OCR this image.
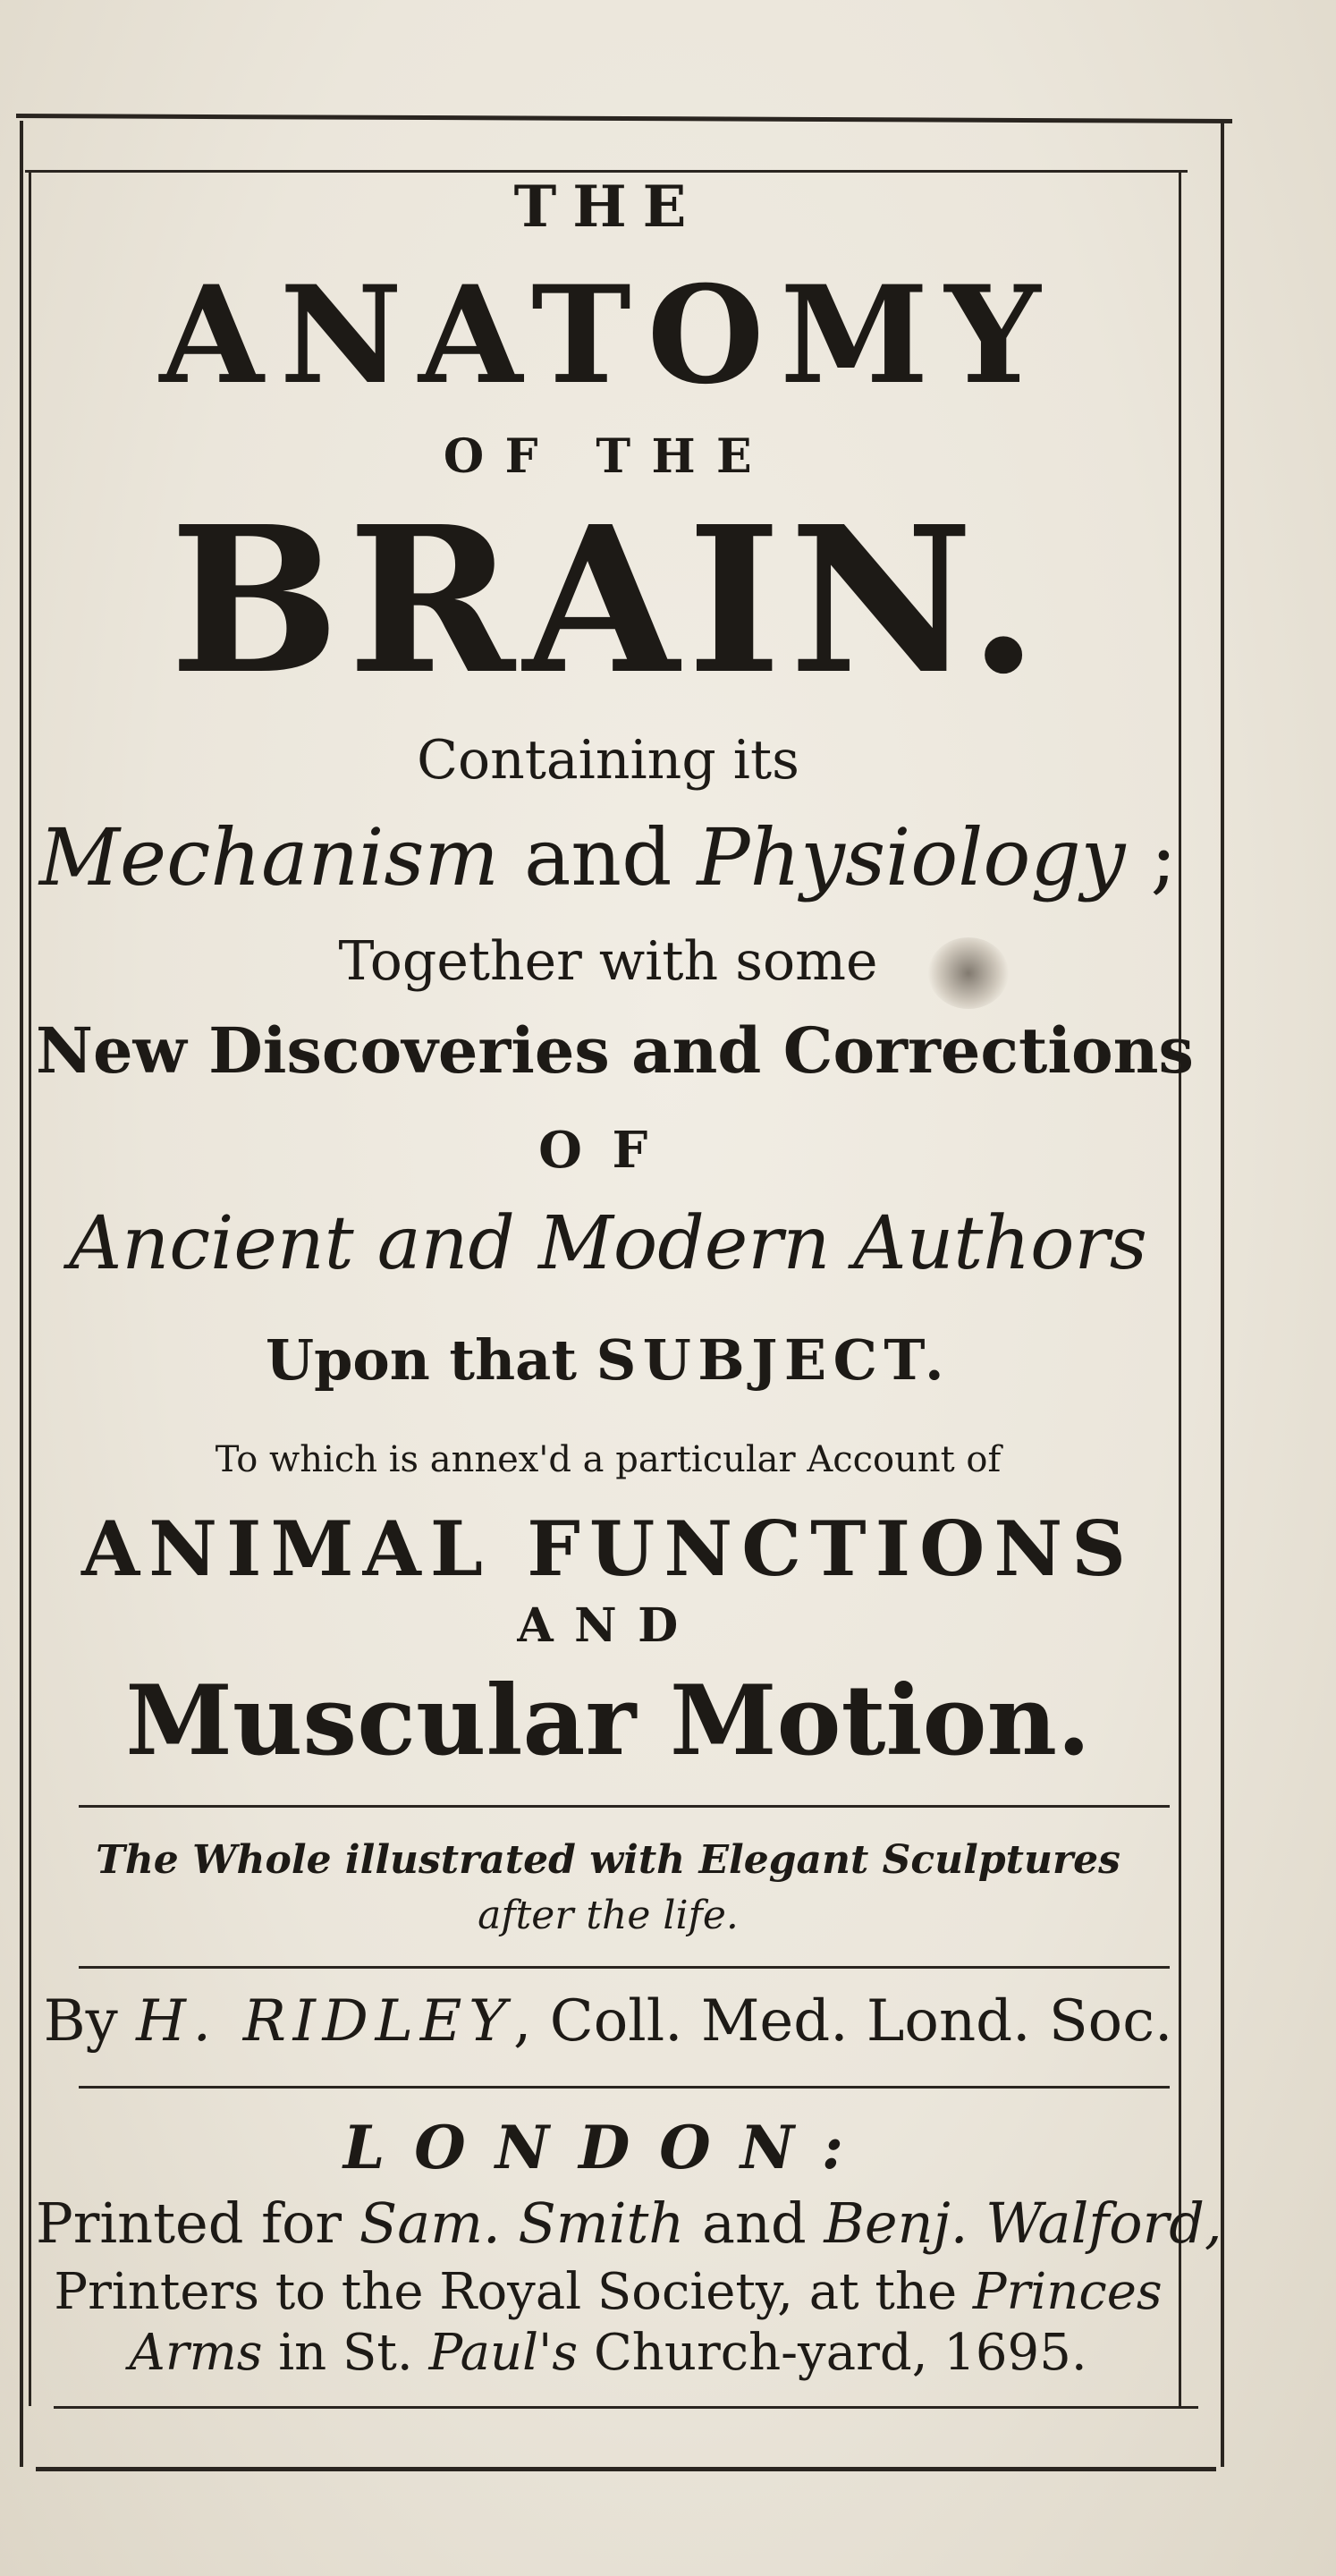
THE
ANATOMY
OF THE
BRAIN.
Containing its
Mechanism and Physiology ;
Together with some
New Discoveries and Corrections
OF
Ancient and Modern Authors
Upon that SUBJECT.
To which is annex'd a particular Account of
ANIMAL FUNCTIONS
AND
Muscular Motion.
The Whole illustrated with Elegant Sculptures
after the life.
By H. RIDLEY, Coll. Med. Lond. Soc.
LONDON:
Printed for Sam. Smith and Benj. Walford,
Printers to the Royal Society, at the Princes
Arms in St. Paul's Church-yard, 1695.
